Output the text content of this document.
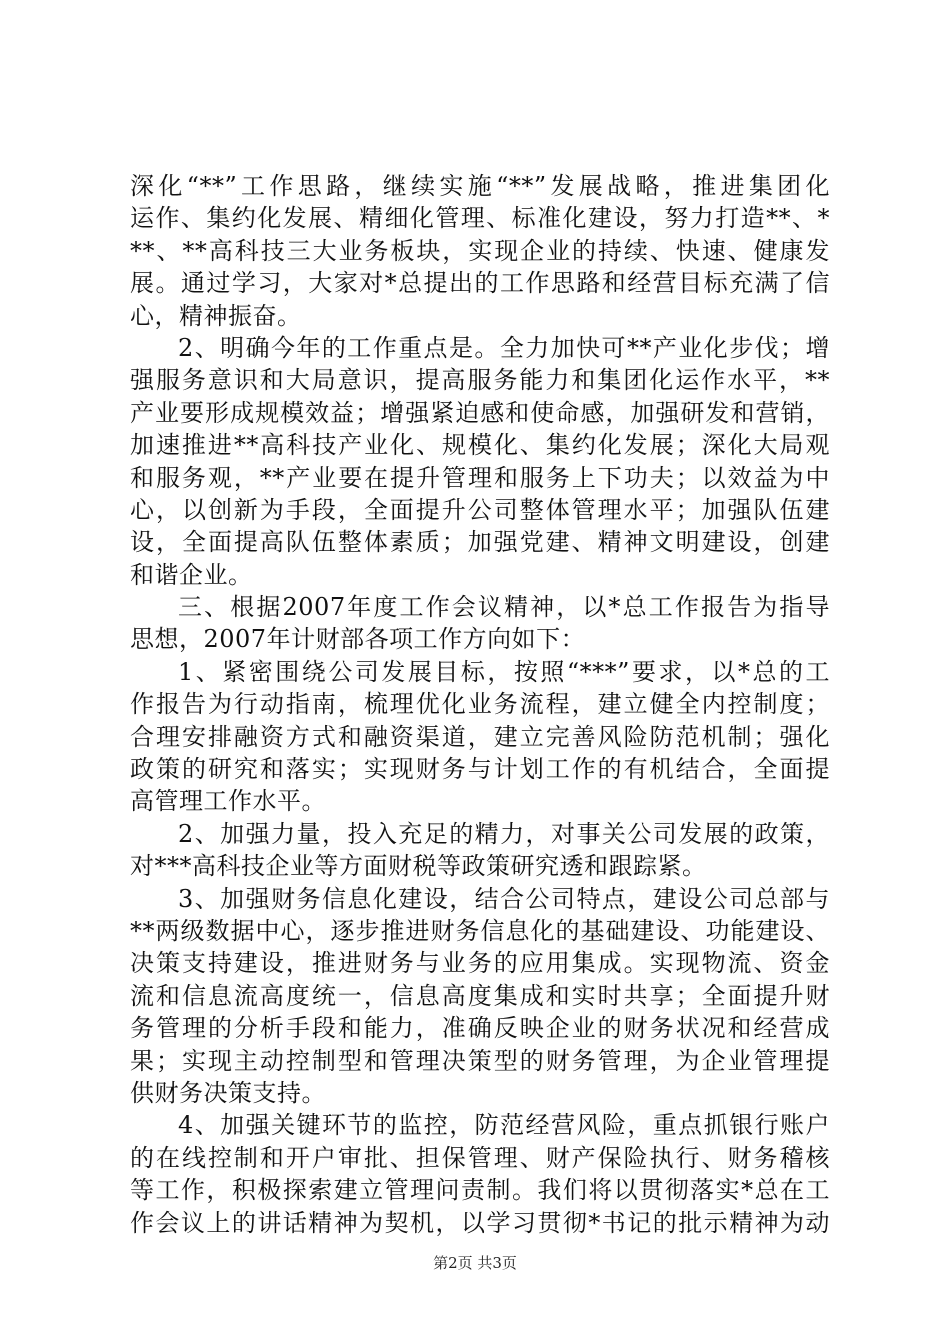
深化“**”工作思路，继续实施“**”发展战略，推进集团化
运作、集约化发展、精细化管理、标准化建设，努力打造**、*
**、**高科技三大业务板块，实现企业的持续、快速、健康发
展。通过学习，大家对*总提出的工作思路和经营目标充满了信
心，精神振奋。
2、明确今年的工作重点是。全力加快可**产业化步伐；增
强服务意识和大局意识，提高服务能力和集团化运作水平，**
产业要形成规模效益；增强紧迫感和使命感，加强研发和营销，
加速推进**高科技产业化、规模化、集约化发展；深化大局观
和服务观，**产业要在提升管理和服务上下功夫；以效益为中
心，以创新为手段，全面提升公司整体管理水平；加强队伍建
设，全面提高队伍整体素质；加强党建、精神文明建设，创建
和谐企业。
三、根据2007年度工作会议精神，以*总工作报告为指导
思想，2007年计财部各项工作方向如下：
1、紧密围绕公司发展目标，按照“***”要求，以*总的工
作报告为行动指南，梳理优化业务流程，建立健全内控制度；
合理安排融资方式和融资渠道，建立完善风险防范机制；强化
政策的研究和落实；实现财务与计划工作的有机结合，全面提
高管理工作水平。
2、加强力量，投入充足的精力，对事关公司发展的政策，
对***高科技企业等方面财税等政策研究透和跟踪紧。
3、加强财务信息化建设，结合公司特点，建设公司总部与
**两级数据中心，逐步推进财务信息化的基础建设、功能建设、
决策支持建设，推进财务与业务的应用集成。实现物流、资金
流和信息流高度统一，信息高度集成和实时共享；全面提升财
务管理的分析手段和能力，准确反映企业的财务状况和经营成
果；实现主动控制型和管理决策型的财务管理，为企业管理提
供财务决策支持。
4、加强关键环节的监控，防范经营风险，重点抓银行账户
的在线控制和开户审批、担保管理、财产保险执行、财务稽核
等工作，积极探索建立管理问责制。我们将以贯彻落实*总在工
作会议上的讲话精神为契机，以学习贯彻*书记的批示精神为动
第2页 共3页
